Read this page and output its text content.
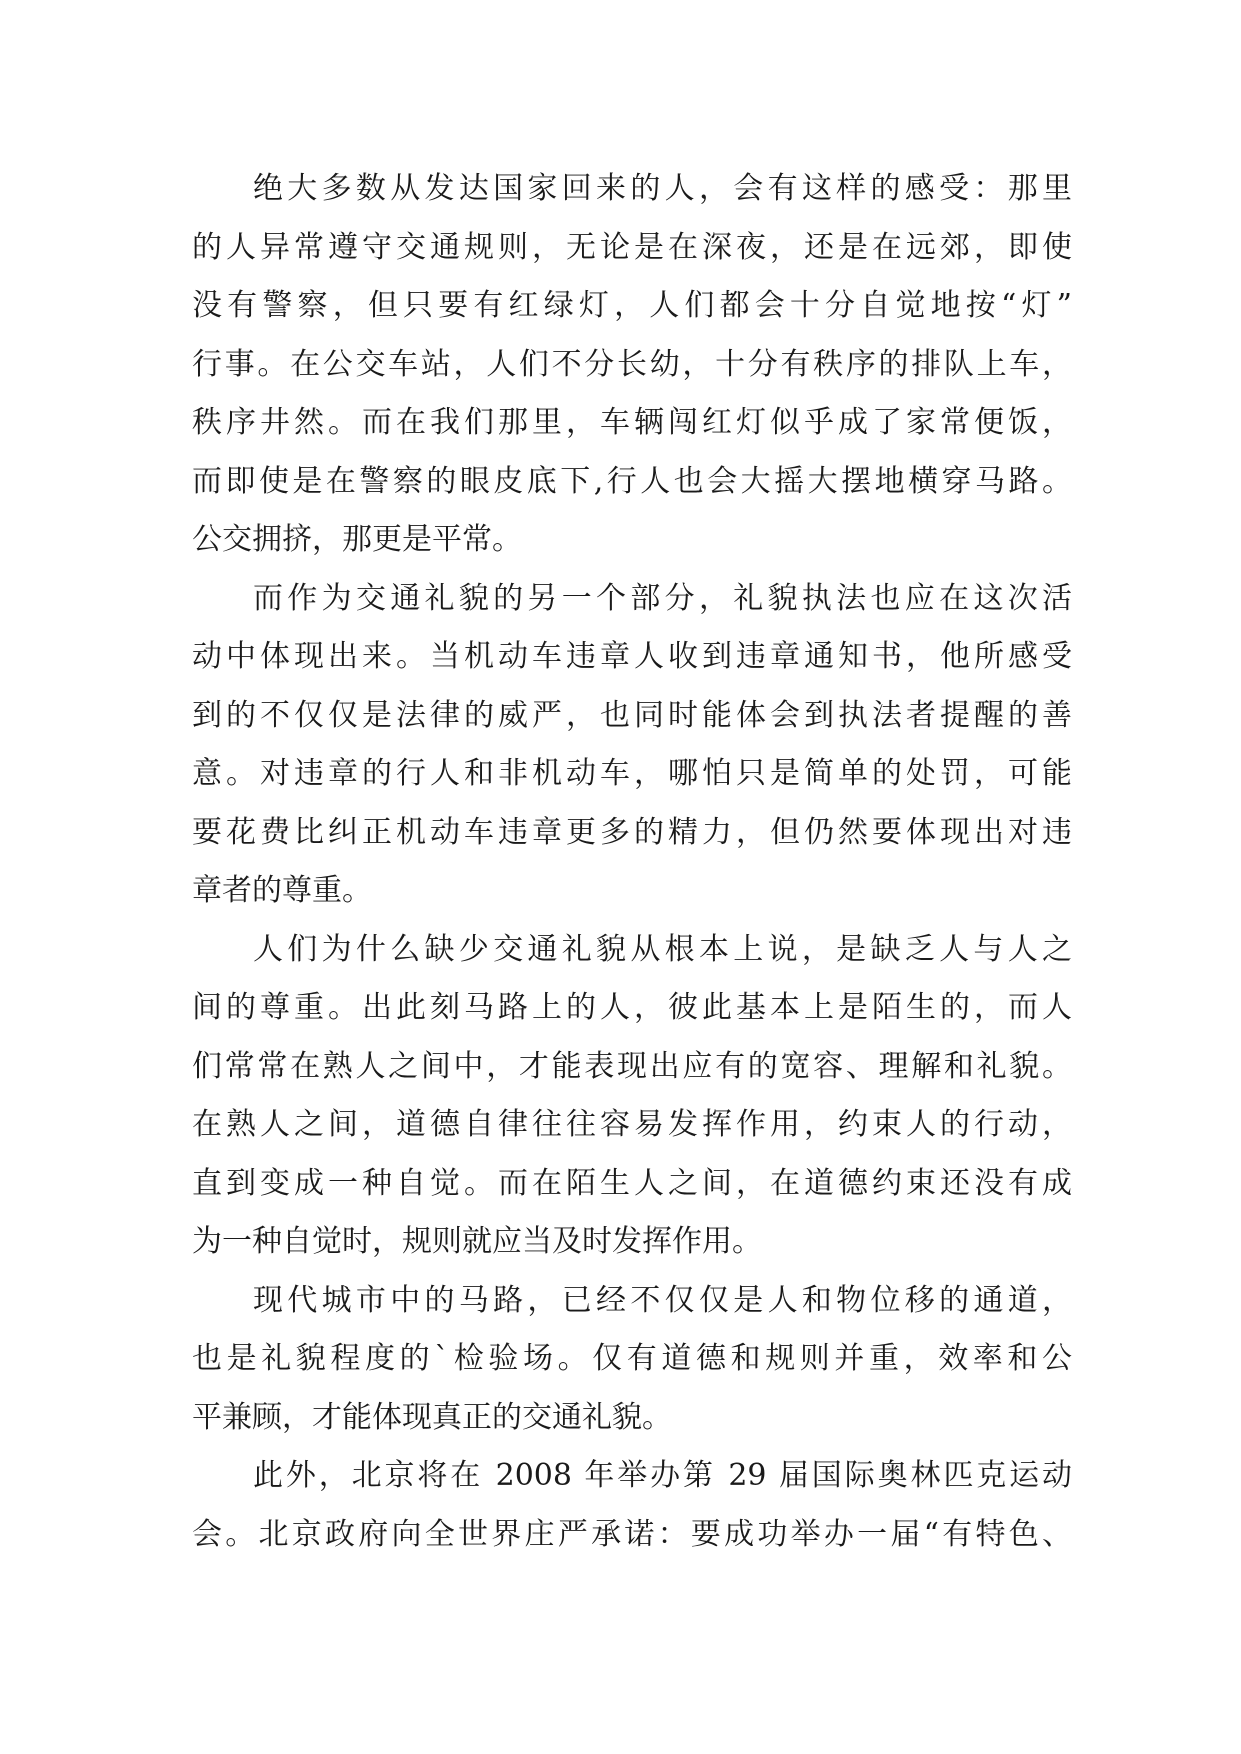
绝大多数从发达国家回来的人，会有这样的感受：那里
的人异常遵守交通规则，无论是在深夜，还是在远郊，即使
没有警察，但只要有红绿灯，人们都会十分自觉地按“灯”
行事。在公交车站，人们不分长幼，十分有秩序的排队上车，
秩序井然。而在我们那里，车辆闯红灯似乎成了家常便饭，
而即使是在警察的眼皮底下,行人也会大摇大摆地横穿马路。
公交拥挤，那更是平常。
而作为交通礼貌的另一个部分，礼貌执法也应在这次活
动中体现出来。当机动车违章人收到违章通知书，他所感受
到的不仅仅是法律的威严，也同时能体会到执法者提醒的善
意。对违章的行人和非机动车，哪怕只是简单的处罚，可能
要花费比纠正机动车违章更多的精力，但仍然要体现出对违
章者的尊重。
人们为什么缺少交通礼貌从根本上说，是缺乏人与人之
间的尊重。出此刻马路上的人，彼此基本上是陌生的，而人
们常常在熟人之间中，才能表现出应有的宽容、理解和礼貌。
在熟人之间，道德自律往往容易发挥作用，约束人的行动，
直到变成一种自觉。而在陌生人之间，在道德约束还没有成
为一种自觉时，规则就应当及时发挥作用。
现代城市中的马路，已经不仅仅是人和物位移的通道，
也是礼貌程度的`检验场。仅有道德和规则并重，效率和公
平兼顾，才能体现真正的交通礼貌。
此外，北京将在 2008 年举办第 29 届国际奥林匹克运动
会。北京政府向全世界庄严承诺：要成功举办一届“有特色、
